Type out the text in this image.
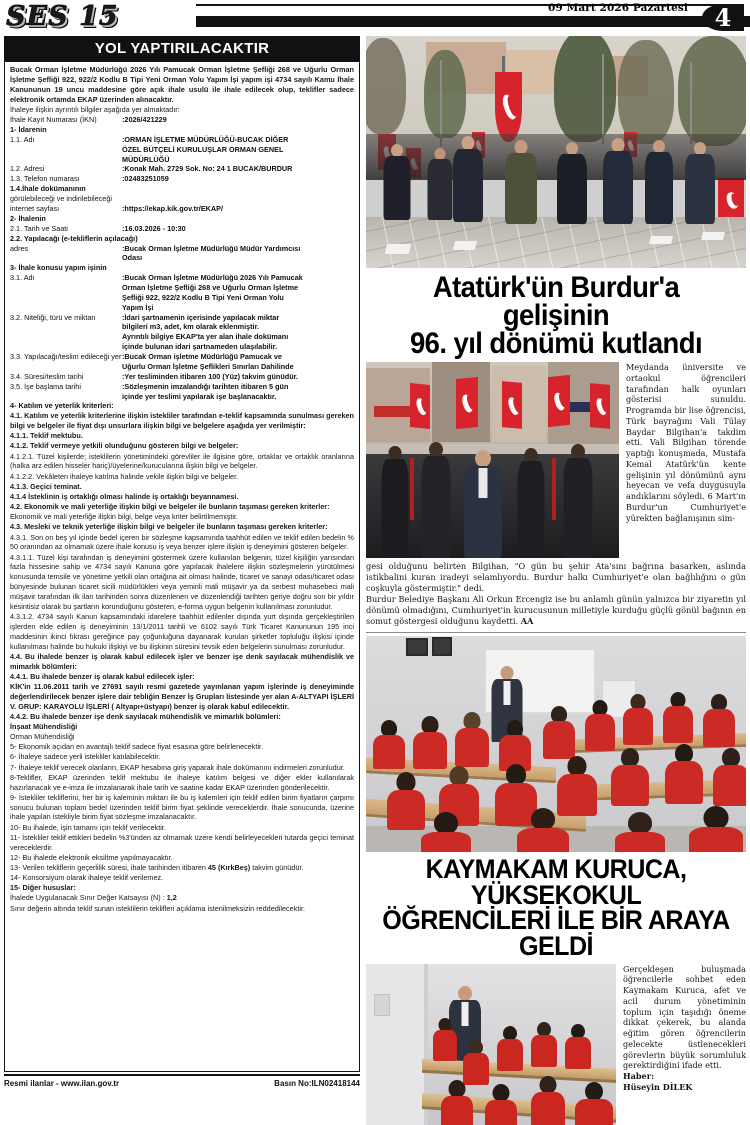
SES 15	09 Mart 2026 Pazartesi	4
YOL YAPTIRILACAKTIR

Bucak Orman İşletme Müdürlüğü 2026 Yılı Pamucak Orman İşletme Şefliği 268 ve Uğurlu Orman İşletme Şefliği 922, 922/2 Kodlu B Tipi Yeni Orman Yolu Yapım İşi yapım işi 4734 sayılı Kamu İhale Kanununun 19 uncu maddesine göre açık ihale usulü ile ihale edilecek olup, teklifler sadece elektronik ortamda EKAP üzerinden alınacaktır.

İhaleye ilişkin ayrıntılı bilgiler aşağıda yer almaktadır:

İhale Kayıt Numarası (İKN)	:2026/421229
1- İdarenin
1.1. Adı	:ORMAN İŞLETME MÜDÜRLÜĞÜ-BUCAK DİĞER
ÖZEL BÜTÇELİ KURULUŞLAR ORMAN GENEL
MÜDÜRLÜĞÜ
1.2. Adresi	:Konak Mah. 2729 Sok. No: 24 1 BUCAK/BURDUR
1.3. Telefon numarası	:02483251059
1.4.İhale dokümanının

görülebileceği ve indirilebileceği

internet sayfası	:https://ekap.kik.gov.tr/EKAP/
2- İhalenin
2.1. Tarih ve Saati	:16.03.2026 - 10:30
2.2. Yapılacağı (e-tekliflerin açılacağı)
adres	:Bucak Orman İşletme Müdürlüğü Müdür Yardımcısı
Odası
3- İhale konusu yapım işinin
3.1. Adı	:Bucak Orman İşletme Müdürlüğü 2026 Yılı Pamucak
Orman İşletme Şefliği 268 ve Uğurlu Orman İşletme
Şefliği 922, 922/2 Kodlu B Tipi Yeni Orman Yolu
Yapım İşi
3.2. Niteliği, türü ve miktarı	:İdari şartnamenin içerisinde yapılacak miktar
bilgileri m3, adet, km olarak eklenmiştir.
Ayrıntılı bilgiye EKAP'ta yer alan ihale dokümanı
içinde bulunan idari şartnameden ulaşılabilir.
3.3. Yapılacağı/teslim edileceği yer :Bucak Orman işletme Müdürlüğü Pamucak ve
Uğurlu Orman İşletme Şeflikleri Sınırları Dahilinde
3.4. Süresi/teslim tarihi	:Yer tesliminden itibaren 100 (Yüz) takvim günüdür.
3.5. İşe başlama tarihi	:Sözleşmenin imzalandığı tarihten itibaren 5 gün
içinde yer teslimi yapılarak işe başlanacaktır.
4- Katılım ve yeterlik kriterleri:

4.1. Katılım ve yeterlik kriterlerine ilişkin istekliler tarafından e-teklif kapsamında sunulması gereken bilgi ve belgeler ile fiyat dışı unsurlara ilişkin bilgi ve belgelere aşağıda yer verilmiştir:

4.1.1. Teklif mektubu.

4.1.2. Teklif vermeye yetkili olunduğunu gösteren bilgi ve belgeler:

4.1.2.1. Tüzel kişilerde; isteklilerin yönetimindeki görevliler ile ilgisine göre, ortaklar ve ortaklık oranlarına (halka arz edilen hisseler hariç)/üyelerine/kurucularına ilişkin bilgi ve belgeler.

4.1.2.2. Vekâleten ihaleye katılma halinde vekile ilişkin bilgi ve belgeler.

4.1.3. Geçici teminat.

4.1.4 İsteklinin iş ortaklığı olması halinde iş ortaklığı beyannamesi.

4.2. Ekonomik ve mali yeterliğe ilişkin bilgi ve belgeler ile bunların taşıması gereken kriterler:

Ekonomik ve mali yeterliğe ilişkin bilgi, belge veya kriter belirtilmemiştir.

4.3. Mesleki ve teknik yeterliğe ilişkin bilgi ve belgeler ile bunların taşıması gereken kriterler:

4.3.1. Son on beş yıl içinde bedel içeren bir sözleşme kapsamında taahhüt edilen ve teklif edilen bedelin % 50 oranından az olmamak üzere ihale konusu iş veya benzer işlere ilişkin iş deneyimini gösteren belgeler.

4.3.1.1. Tüzel kişi tarafından iş deneyimini göstermek üzere kullanılan belgenin, tüzel kişiliğin yarısından fazla hissesine sahip ve 4734 sayılı Kanuna göre yapılacak ihalelere ilişkin sözleşmelerin yürütülmesi konusunda temsile ve yönetime yetkili olan ortağına ait olması halinde, ticaret ve sanayi odası/ticaret odası bünyesinde bulunan ticaret sicili müdürlükleri veya yeminli mali müşavir ya da serbest muhasebeci mali müşavir tarafından ilk ilan tarihinden sonra düzenlenen ve düzenlendiği tarihten geriye doğru son bir yıldır kesintisiz olarak bu şartların korunduğunu gösteren, e-forma uygun belgenin kullanılması zorunludur.

4.3.1.2. 4734 sayılı Kanun kapsamındaki idarelere taahhüt edilenler dışında yurt dışında gerçekleştirilen işlerden elde edilen iş deneyiminin 13/1/2011 tarihli ve 6102 sayılı Türk Ticaret Kanununun 195 inci maddesinin ikinci fıkrası gereğince pay çoğunluğuna dayanarak kurulan şirketler topluluğu ilişkisi içinde kullanılması halinde bu hukuki ilişkiyi ve bu ilişkinin süresini tevsik eden belgelerin sunulması zorunludur.

4.4. Bu ihalede benzer iş olarak kabul edilecek işler ve benzer işe denk sayılacak mühendislik ve mimarlık bölümleri:

4.4.1. Bu ihalede benzer iş olarak kabul edilecek işler:

KİK'in 11.06.2011 tarih ve 27691 sayılı resmi gazetede yayınlanan yapım işlerinde iş deneyiminde değerlendirilecek benzer işlere dair tebliğin Benzer İş Grupları listesinde yer alan A-ALTYAPI İŞLERİ V. GRUP: KARAYOLU İŞLERİ ( Altyapı+üstyapı) benzer iş olarak kabul edilecektir.

4.4.2. Bu ihalede benzer işe denk sayılacak mühendislik ve mimarlık bölümleri:

İnşaat Mühendisliği

Orman Mühendisliği

5- Ekonomik açıdan en avantajlı teklif sadece fiyat esasına göre belirlenecektir.

6- İhaleye sadece yerli istekliler katılabilecektir.

7- İhaleye teklif verecek olanların, EKAP hesabına giriş yaparak ihale dokümanını indirmeleri zorunludur.

8-Teklifler, EKAP üzerinden teklif mektubu ile ihaleye katılım belgesi ve diğer ekler kullanılarak hazırlanacak ve e-imza ile imzalanarak ihale tarih ve saatine kadar EKAP üzerinden gönderilecektir.

9- İstekliler tekliflerini, her bir iş kaleminin miktarı ile bu iş kalemleri için teklif edilen birim fiyatların çarpımı sonucu bulunan toplam bedel üzerinden teklif birim fiyat şeklinde vereceklerdir. İhale sonucunda, üzerine ihale yapılan istekliyle birim fiyat sözleşme imzalanacaktır.

10- Bu ihalede, işin tamamı için teklif verilecektir.

11- İstekliler teklif ettikleri bedelin %3'ünden az olmamak üzere kendi belirleyecekleri tutarda geçici teminat vereceklerdir.

12- Bu ihalede elektronik eksiltme yapılmayacaktır.

13- Verilen tekliflerin geçerlilik süresi, ihale tarihinden itibaren 45 (KırkBeş) takvim günüdür.

14- Konsorsiyum olarak ihaleye teklif verilemez.

15- Diğer hususlar:

İhalede Uygulanacak Sınır Değer Katsayısı (N) : 1,2

Sınır değerin altında teklif sunan isteklilerin teklifleri açıklama istenilmeksizin reddedilecektir.

Resmi ilanlar - www.ilan.gov.tr	Basın No:ILN02418144
Atatürk'ün Burdur'a gelişinin
96. yıl dönümü kutlandı
Meydanda üniversite ve ortaokul öğrencileri tarafından halk oyunları gösterisi sunuldu. Programda bir lise öğrencisi, Türk bayrağını Vali Tülay Baydar Bilgihan'a takdim etti. Vali Bilgihan törende yaptığı konuşmada, Mustafa Kemal Atatürk'ün kente gelişinin yıl dönümünü aynı heyecan ve vefa duygusuyla andıklarını söyledi. 6 Mart'ın Burdur'un Cumhuriyet'e yürekten bağlanışının sim-

gesi olduğunu belirten Bilgihan, "O gün bu şehir Ata'sını bağrına basarken, aslında istikbalini kuran iradeyi selamlıyordu. Burdur halkı Cumhuriyet'e olan bağlılığını o gün coşkuyla göstermiştir." dedi.

Burdur Belediye Başkanı Ali Orkun Ercengiz ise bu anlamlı günün yalnızca bir ziyaretin yıl dönümü olmadığını, Cumhuriyet'in kurucusunun milletiyle kurduğu güçlü gönül bağının en somut göstergesi olduğunu kaydetti. AA

KAYMAKAM KURUCA, YÜKSEKOKUL
ÖĞRENCİLERİ İLE BİR ARAYA GELDİ

Gerçekleşen buluşmada öğrencilerle sohbet eden Kaymakam Kuruca, afet ve acil durum yönetiminin toplum için taşıdığı öneme dikkat çekerek, bu alanda eğitim gören öğrencilerin gelecekte üstlenecekleri görevlerin büyük sorumluluk gerektirdiğini ifade etti.

Haber:

Hüseyin DİLEK
